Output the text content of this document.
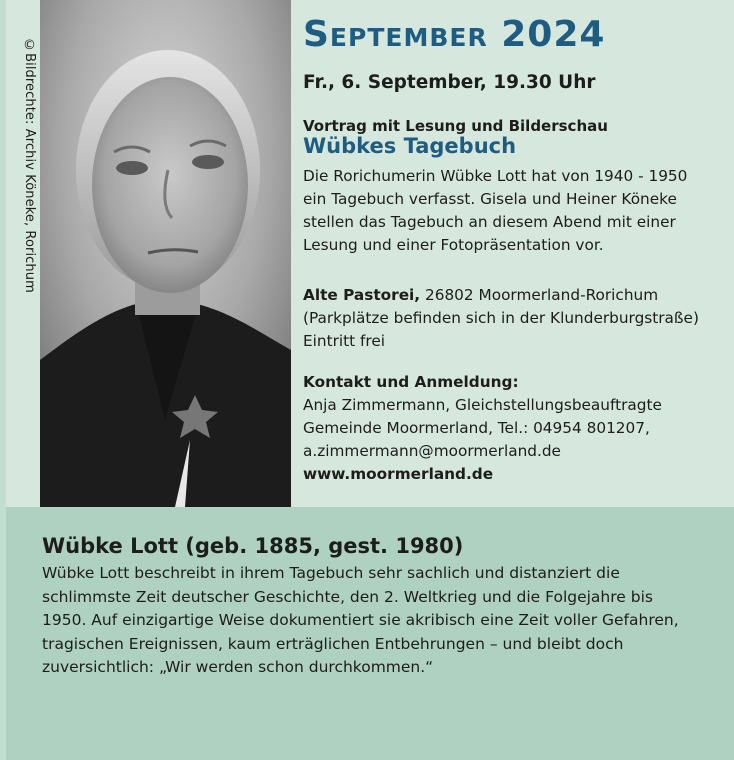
©Bildrechte: Archiv Köneke, Rorichum
September 2024
Fr., 6. September, 19.30 Uhr
Vortrag mit Lesung und Bilderschau
Wübkes Tagebuch
Die Rorichumerin Wübke Lott hat von 1940 - 1950
ein Tagebuch verfasst. Gisela und Heiner Köneke
stellen das Tagebuch an diesem Abend mit einer
Lesung und einer Fotopräsentation vor.
Alte Pastorei, 26802 Moormerland-Rorichum
(Parkplätze befinden sich in der Klunderburgstraße)
Eintritt frei
Kontakt und Anmeldung:
Anja Zimmermann, Gleichstellungsbeauftragte
Gemeinde Moormerland, Tel.: 04954 801207,
a.zimmermann@moormerland.de
www.moormerland.de
Wübke Lott (geb. 1885, gest. 1980)
Wübke Lott beschreibt in ihrem Tagebuch sehr sachlich und distanziert die
schlimmste Zeit deutscher Geschichte, den 2. Weltkrieg und die Folgejahre bis
1950. Auf einzigartige Weise dokumentiert sie akribisch eine Zeit voller Gefahren,
tragischen Ereignissen, kaum erträglichen Entbehrungen – und bleibt doch
zuversichtlich: „Wir werden schon durchkommen.“
